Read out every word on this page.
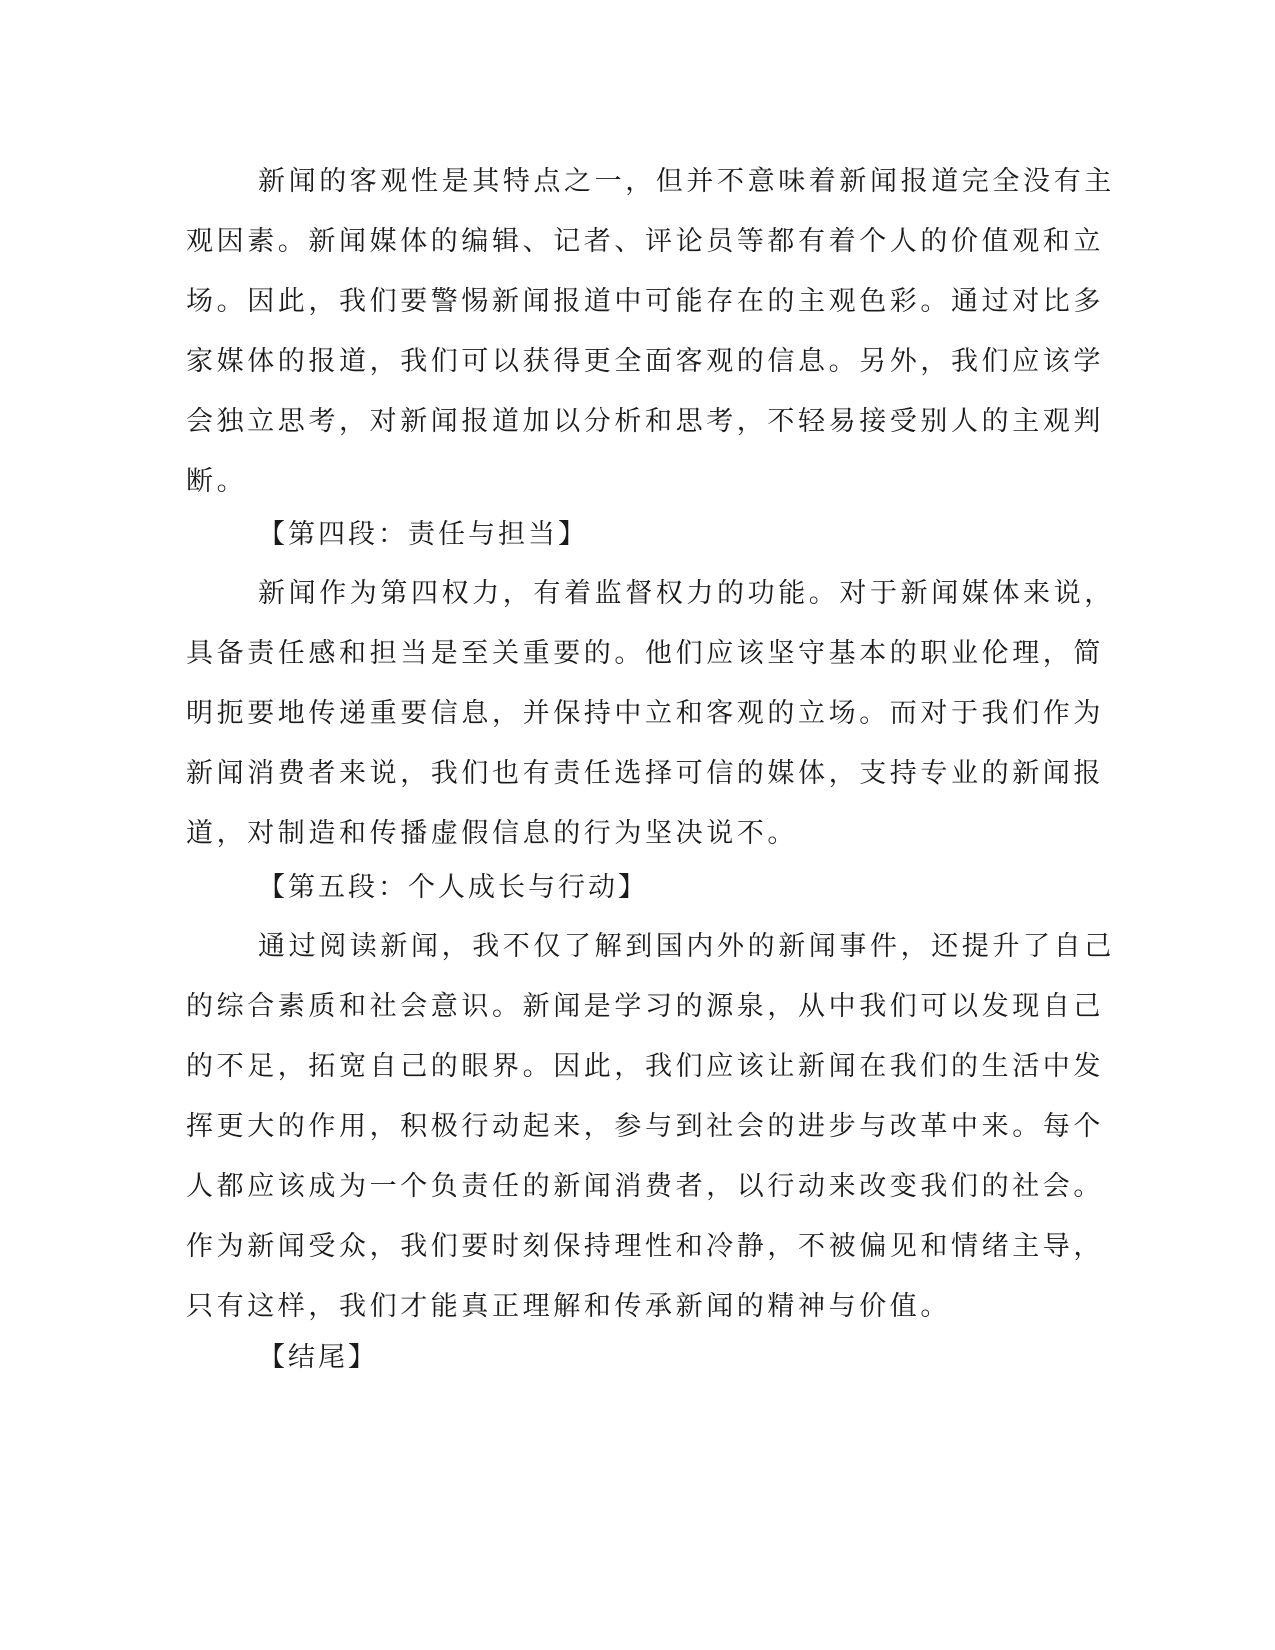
新闻的客观性是其特点之一，但并不意味着新闻报道完全没有主
观因素。新闻媒体的编辑、记者、评论员等都有着个人的价值观和立
场。因此，我们要警惕新闻报道中可能存在的主观色彩。通过对比多
家媒体的报道，我们可以获得更全面客观的信息。另外，我们应该学
会独立思考，对新闻报道加以分析和思考，不轻易接受别人的主观判
断。
【第四段：责任与担当】
新闻作为第四权力，有着监督权力的功能。对于新闻媒体来说，
具备责任感和担当是至关重要的。他们应该坚守基本的职业伦理，简
明扼要地传递重要信息，并保持中立和客观的立场。而对于我们作为
新闻消费者来说，我们也有责任选择可信的媒体，支持专业的新闻报
道，对制造和传播虚假信息的行为坚决说不。
【第五段：个人成长与行动】
通过阅读新闻，我不仅了解到国内外的新闻事件，还提升了自己
的综合素质和社会意识。新闻是学习的源泉，从中我们可以发现自己
的不足，拓宽自己的眼界。因此，我们应该让新闻在我们的生活中发
挥更大的作用，积极行动起来，参与到社会的进步与改革中来。每个
人都应该成为一个负责任的新闻消费者，以行动来改变我们的社会。
作为新闻受众，我们要时刻保持理性和冷静，不被偏见和情绪主导，
只有这样，我们才能真正理解和传承新闻的精神与价值。
【结尾】
